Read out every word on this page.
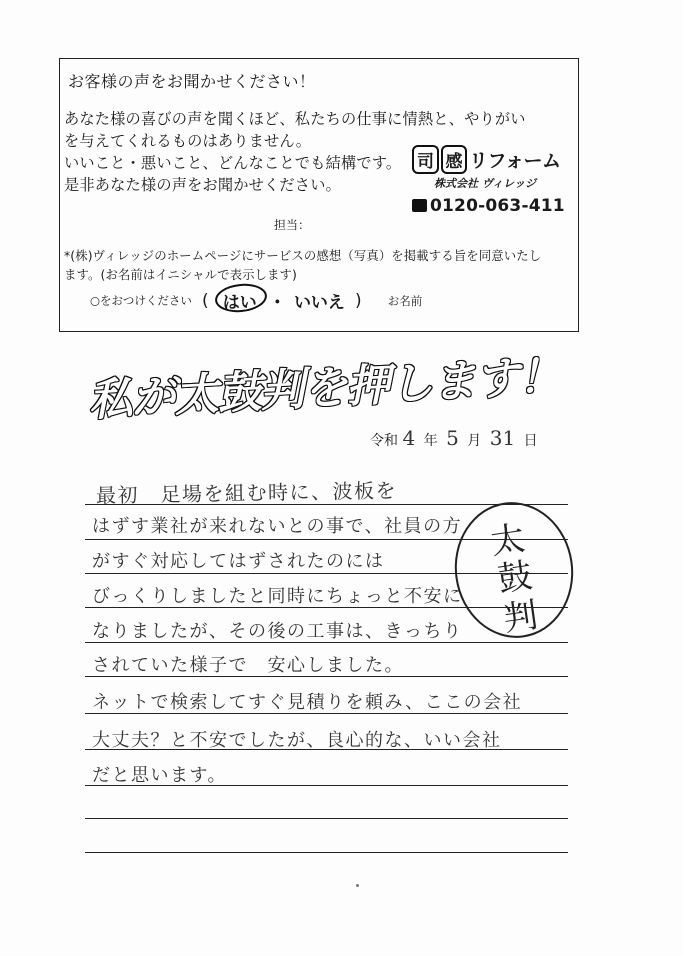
お客様の声をお聞かせください！
あなた様の喜びの声を聞くほど、私たちの仕事に情熱と、やりがい
を与えてくれるものはありません。
いいこと・悪いこと、どんなことでも結構です。
是非あなた様の声をお聞かせください。
司 感 リフォーム
株式会社 ヴィレッジ
0120-063-411
担当：
*(株)ヴィレッジのホームページにサービスの感想（写真）を掲載する旨を同意いたし
ます。(お名前はイニシャルで表示します)
○をおつけください ( はい ・ いいえ ) お名前
私が太鼓判を押します！
令和 4 年 5 月 31 日
最初　足場を組む時に、波板を
はずす業社が来れないとの事で、社員の方
がすぐ対応してはずされたのには
びっくりしましたと同時にちょっと不安に
なりましたが、その後の工事は、きっちり
されていた様子で　安心しました。
ネットで検索してすぐ見積りを頼み、ここの会社
大丈夫？と不安でしたが、良心的な、いい会社
だと思います。
太
鼓
判
